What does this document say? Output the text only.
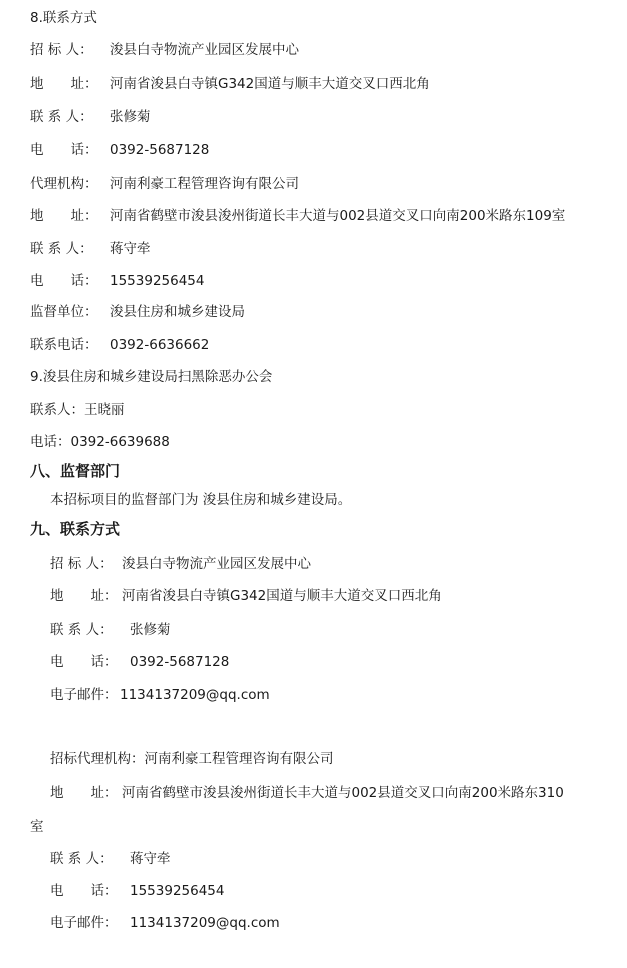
8.联系方式
招 标 人： 浚县白寺物流产业园区发展中心
地　　址： 河南省浚县白寺镇G342国道与顺丰大道交叉口西北角
联 系 人： 张修菊
电　　话： 0392-5687128
代理机构： 河南利豪工程管理咨询有限公司
地　　址： 河南省鹤壁市浚县浚州街道长丰大道与002县道交叉口向南200米路东109室
联 系 人： 蒋守牵
电　　话： 15539256454
监督单位： 浚县住房和城乡建设局
联系电话： 0392-6636662
9.浚县住房和城乡建设局扫黑除恶办公会
联系人：王晓丽
电话：0392-6639688
八、监督部门
本招标项目的监督部门为 浚县住房和城乡建设局。
九、联系方式
招 标 人： 浚县白寺物流产业园区发展中心
地　　址： 河南省浚县白寺镇G342国道与顺丰大道交叉口西北角
联 系 人： 张修菊
电　　话： 0392-5687128
电子邮件： 1134137209@qq.com
招标代理机构：河南利豪工程管理咨询有限公司
地　　址： 河南省鹤壁市浚县浚州街道长丰大道与002县道交叉口向南200米路东310
室
联 系 人： 蒋守牵
电　　话： 15539256454
电子邮件： 1134137209@qq.com
